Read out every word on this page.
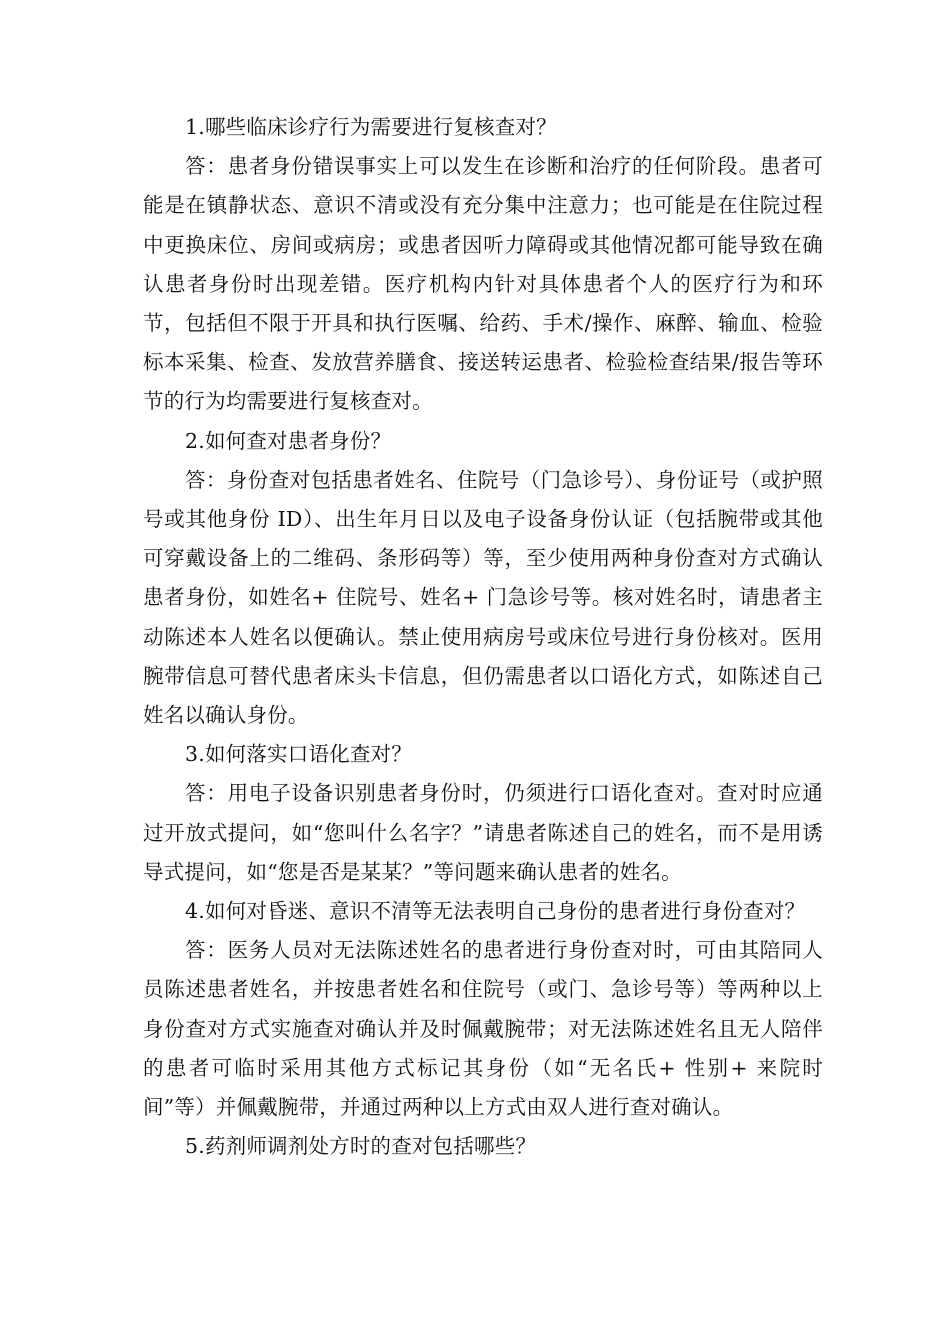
1.哪些临床诊疗行为需要进行复核查对？

答：患者身份错误事实上可以发生在诊断和治疗的任何阶段。患者可能是在镇静状态、意识不清或没有充分集中注意力；也可能是在住院过程中更换床位、房间或病房；或患者因听力障碍或其他情况都可能导致在确认患者身份时出现差错。医疗机构内针对具体患者个人的医疗行为和环节，包括但不限于开具和执行医嘱、给药、手术/操作、麻醉、输血、检验标本采集、检查、发放营养膳食、接送转运患者、检验检查结果/报告等环节的行为均需要进行复核查对。

2.如何查对患者身份？

答：身份查对包括患者姓名、住院号（门急诊号）、身份证号（或护照号或其他身份 ID）、出生年月日以及电子设备身份认证（包括腕带或其他可穿戴设备上的二维码、条形码等）等，至少使用两种身份查对方式确认患者身份，如姓名+ 住院号、姓名+ 门急诊号等。核对姓名时，请患者主动陈述本人姓名以便确认。禁止使用病房号或床位号进行身份核对。医用腕带信息可替代患者床头卡信息，但仍需患者以口语化方式，如陈述自己姓名以确认身份。

3.如何落实口语化查对？

答：用电子设备识别患者身份时，仍须进行口语化查对。查对时应通过开放式提问，如“您叫什么名字？”请患者陈述自己的姓名，而不是用诱导式提问，如“您是否是某某？”等问题来确认患者的姓名。

4.如何对昏迷、意识不清等无法表明自己身份的患者进行身份查对？

答：医务人员对无法陈述姓名的患者进行身份查对时，可由其陪同人员陈述患者姓名，并按患者姓名和住院号（或门、急诊号等）等两种以上身份查对方式实施查对确认并及时佩戴腕带；对无法陈述姓名且无人陪伴的患者可临时采用其他方式标记其身份（如“无名氏+ 性别+ 来院时间”等）并佩戴腕带，并通过两种以上方式由双人进行查对确认。

5.药剂师调剂处方时的查对包括哪些？
